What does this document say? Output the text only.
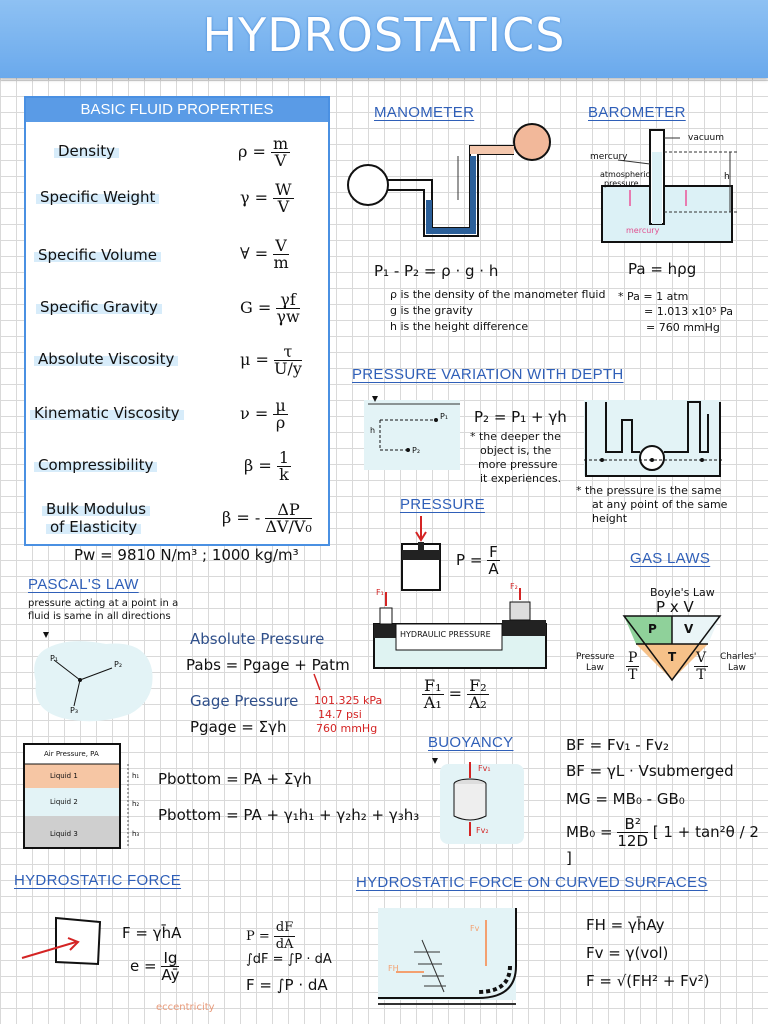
HYDROSTATICS
BASIC FLUID PROPERTIES
Density
Specific Weight
Specific Volume
Specific Gravity
Absolute Viscosity
Kinematic Viscosity
Compressibility
Bulk Modulus
of Elasticity
$\rho = \frac{m}{V}$
$\gamma = \frac{W}{V}$
∀ = $\frac{V}{m}$
$G = \frac{\gamma f}{\gamma w}$
$\mu = \frac{\tau}{U/y}$
$\nu = \frac{\mu}{\rho}$
$\beta = \frac{1}{k}$
β = - $\frac{\Delta P}{\text{ΔV/V₀}}$
Pw = 9810 N/m³ ; 1000 kg/m³
MANOMETER
P₁ - P₂ = ρ · g · h
ρ is the density of the manometer fluid
g is the gravity
h is the height difference
BAROMETER
vacuum
mercury
atmospheric
pressure
mercury
h
Pa = hρg
* Pa = 1 atm
= 1.013 x10⁵ Pa
= 760 mmHg
PRESSURE VARIATION WITH DEPTH
P₁
P₂
h
P₂ = P₁ + γh
* the deeper the
object is, the
more pressure
it experiences.
* the pressure is the same
at any point of the same
height
PRESSURE
$P = \frac{F}{A}$
HYDRAULIC PRESSURE
F₁
F₂
$\frac{\text{F₁}}{\text{A₁}} = \frac{\text{F₂}}{\text{A₂}}$
GAS LAWS
Boyle's Law
P x V
P V
T
Pressure
Law
Charles'
Law
$\frac{P}{T}$	$\frac{V}{T}$
PASCAL'S LAW
pressure acting at a point in a
fluid is same in all directions
P₁
P₂
P₃
Absolute Pressure
Pabs = Pgage + Patm
Gage Pressure
Pgage = Σγh
101.325 kPa
14.7 psi
760 mmHg
Air Pressure, PA
Liquid 1
Liquid 2
Liquid 3
h₁
h₂
h₃
Pbottom = PA + Σγh
Pbottom = PA + γ₁h₁ + γ₂h₂ + γ₃h₃
BUOYANCY
Fv₁
Fv₂
BF = Fv₁ - Fv₂
BF = γL · Vsubmerged
MG = MB₀ - GB₀
$MB_0 = \frac{\text{B²}}{12D}$ [ 1 + tan²θ / 2 ]
HYDROSTATIC FORCE
F = γh̄A
$e = \frac{Ig}{Aȳ}$
eccentricity
$P = \frac{dF}{dA}$
∫dF = ∫P · dA
F = ∫P · dA
HYDROSTATIC FORCE ON CURVED SURFACES
Fv
FH
FH = γh̄Ay
Fv = γ(vol)
F = √(FH² + Fv²)
